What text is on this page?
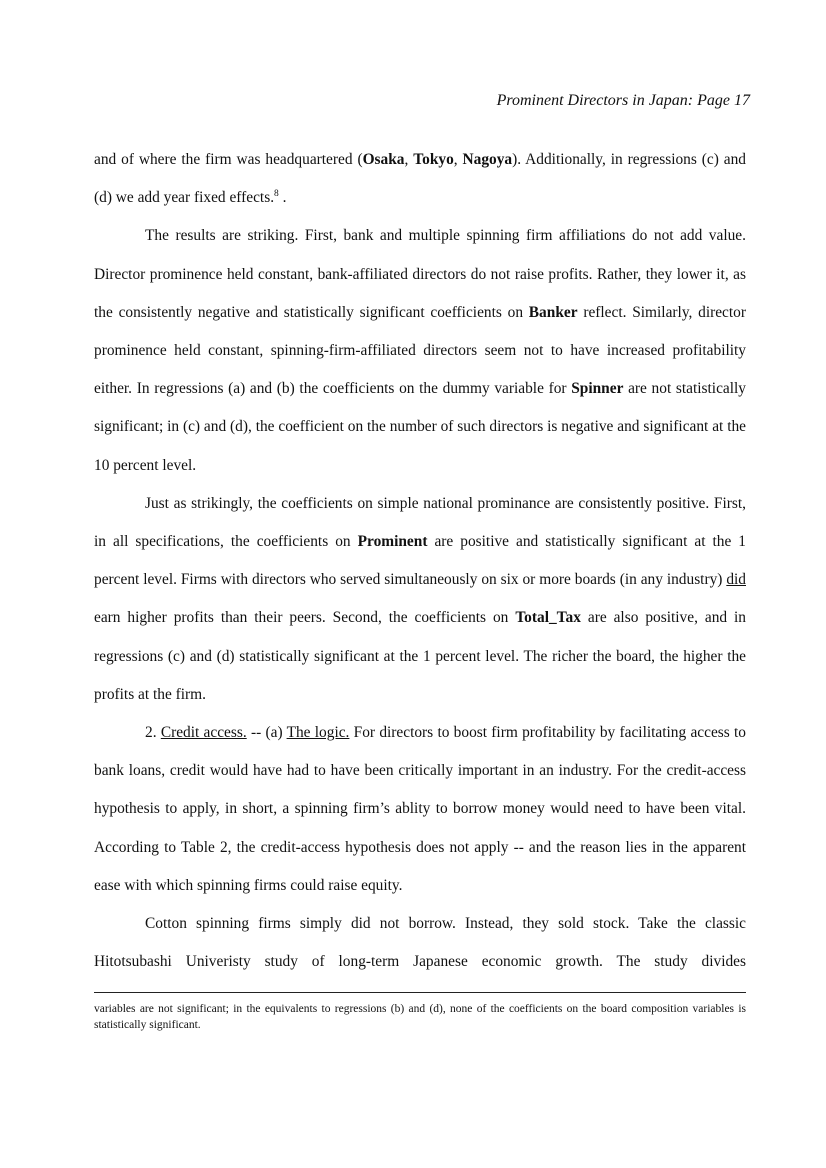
Prominent Directors in Japan: Page 17

and of where the firm was headquartered (Osaka, Tokyo, Nagoya). Additionally, in regressions (c) and (d) we add year fixed effects.$^8$ .

The results are striking. First, bank and multiple spinning firm affiliations do not add value. Director prominence held constant, bank-affiliated directors do not raise profits. Rather, they lower it, as the consistently negative and statistically significant coefficients on Banker reflect. Similarly, director prominence held constant, spinning-firm-affiliated directors seem not to have increased profitability either. In regressions (a) and (b) the coefficients on the dummy variable for Spinner are not statistically significant; in (c) and (d), the coefficient on the number of such directors is negative and significant at the 10 percent level.

Just as strikingly, the coefficients on simple national prominance are consistently positive. First, in all specifications, the coefficients on Prominent are positive and statistically significant at the 1 percent level. Firms with directors who served simultaneously on six or more boards (in any industry) did earn higher profits than their peers. Second, the coefficients on Total_Tax are also positive, and in regressions (c) and (d) statistically significant at the 1 percent level. The richer the board, the higher the profits at the firm.

2. Credit access. -- (a) The logic. For directors to boost firm profitability by facilitating access to bank loans, credit would have had to have been critically important in an industry. For the credit-access hypothesis to apply, in short, a spinning firm’s ablity to borrow money would need to have been vital. According to Table 2, the credit-access hypothesis does not apply -- and the reason lies in the apparent ease with which spinning firms could raise equity.

Cotton spinning firms simply did not borrow. Instead, they sold stock. Take the classic Hitotsubashi Univeristy study of long-term Japanese economic growth. The study divides

variables are not significant; in the equivalents to regressions (b) and (d), none of the coefficients on the board composition variables is statistically significant.
